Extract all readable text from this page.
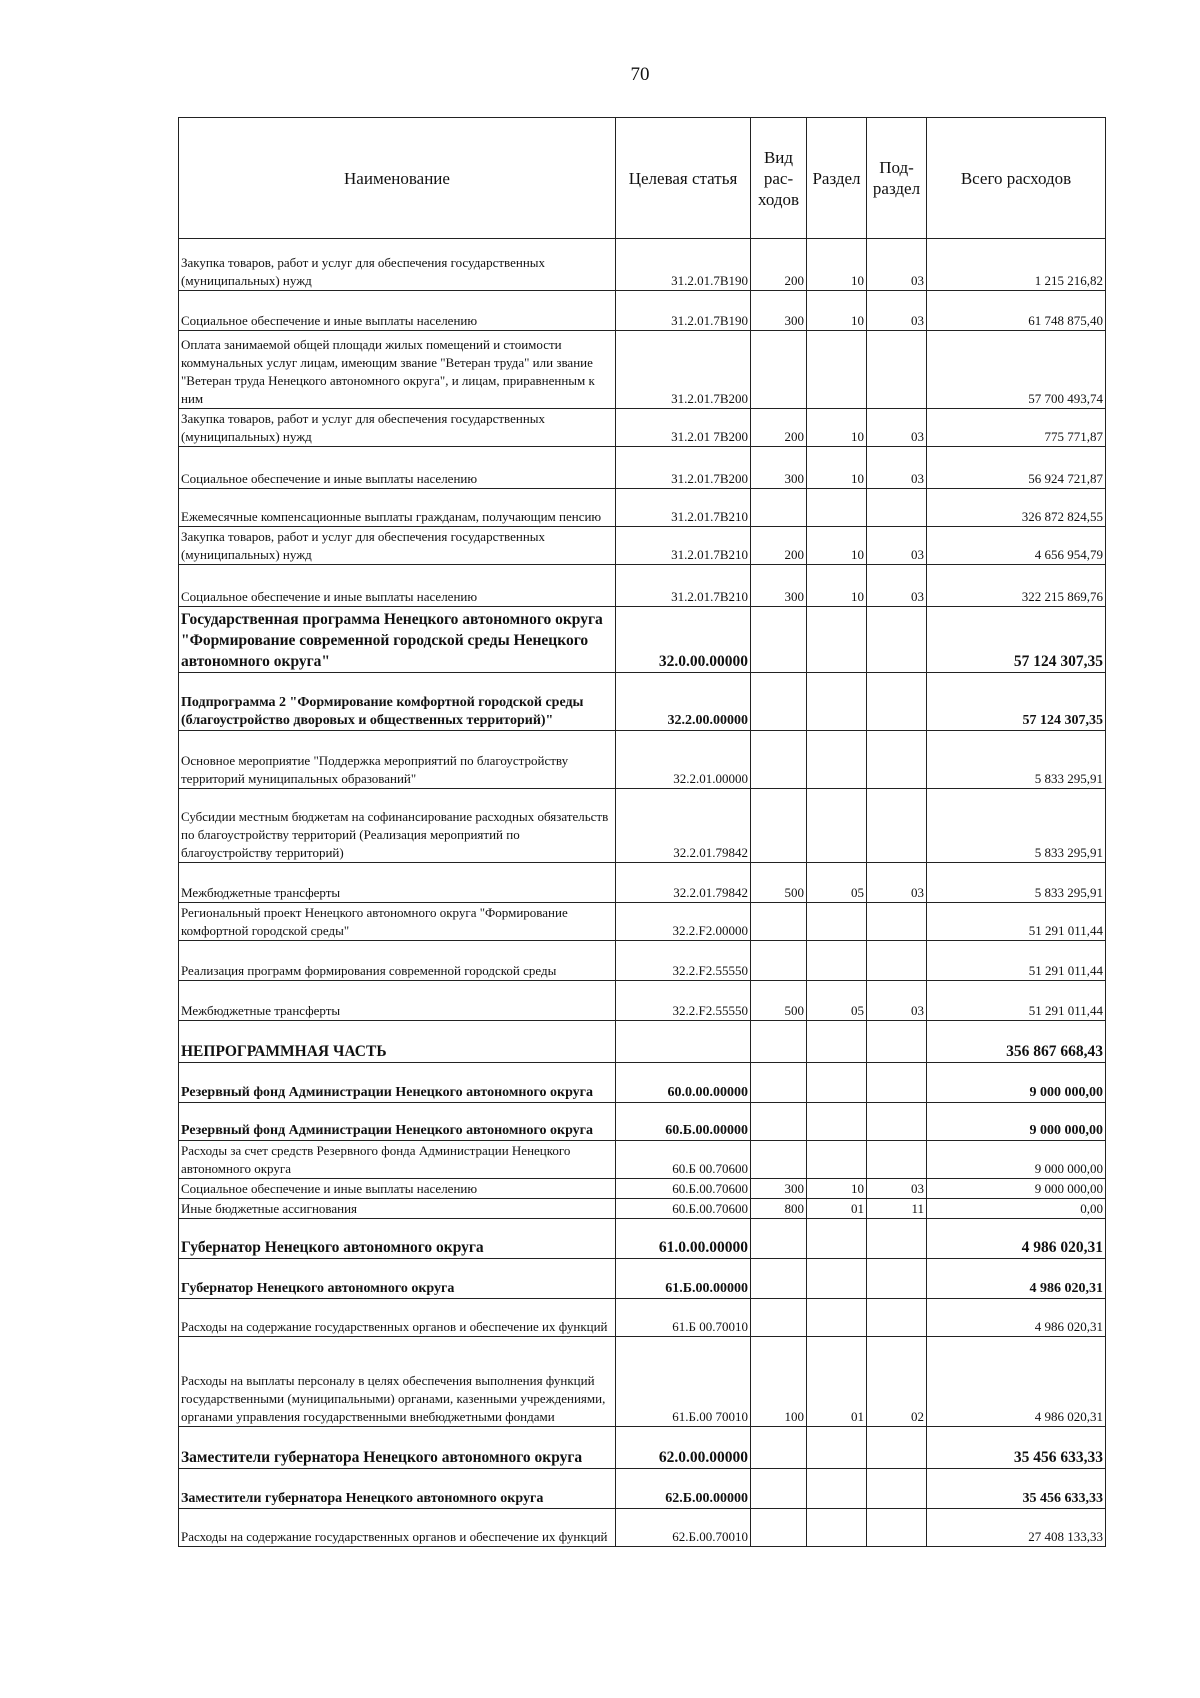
70
Наименование	Целевая статья	Вид рас-ходов	Раздел	Под-раздел	Всего расходов
Закупка товаров, работ и услуг для обеспечения государственных (муниципальных) нужд	31.2.01.7В190	200	10	03	1 215 216,82
Социальное обеспечение и иные выплаты населению	31.2.01.7В190	300	10	03	61 748 875,40
Оплата занимаемой общей площади жилых помещений и стоимости коммунальных услуг лицам, имеющим звание "Ветеран труда" или звание "Ветеран труда Ненецкого автономного округа", и лицам, приравненным к ним	31.2.01.7В200				57 700 493,74
Закупка товаров, работ и услуг для обеспечения государственных (муниципальных) нужд	31.2.01 7В200	200	10	03	775 771,87
Социальное обеспечение и иные выплаты населению	31.2.01.7В200	300	10	03	56 924 721,87
Ежемесячные компенсационные выплаты гражданам, получающим пенсию	31.2.01.7В210				326 872 824,55
Закупка товаров, работ и услуг для обеспечения государственных (муниципальных) нужд	31.2.01.7В210	200	10	03	4 656 954,79
Социальное обеспечение и иные выплаты населению	31.2.01.7В210	300	10	03	322 215 869,76
Государственная программа Ненецкого автономного округа "Формирование современной городской среды Ненецкого автономного округа"	32.0.00.00000				57 124 307,35
Подпрограмма 2 "Формирование комфортной городской среды (благоустройство дворовых и общественных территорий)"	32.2.00.00000				57 124 307,35
Основное мероприятие "Поддержка мероприятий по благоустройству территорий муниципальных образований"	32.2.01.00000				5 833 295,91
Субсидии местным бюджетам на софинансирование расходных обязательств по благоустройству территорий (Реализация мероприятий по благоустройству территорий)	32.2.01.79842				5 833 295,91
Межбюджетные трансферты	32.2.01.79842	500	05	03	5 833 295,91
Региональный проект Ненецкого автономного округа "Формирование комфортной городской среды"	32.2.F2.00000				51 291 011,44
Реализация программ формирования современной городской среды	32.2.F2.55550				51 291 011,44
Межбюджетные трансферты	32.2.F2.55550	500	05	03	51 291 011,44
НЕПРОГРАММНАЯ ЧАСТЬ					356 867 668,43
Резервный фонд Администрации Ненецкого автономного округа	60.0.00.00000				9 000 000,00
Резервный фонд Администрации Ненецкого автономного округа	60.Б.00.00000				9 000 000,00
Расходы за счет средств Резервного фонда Администрации Ненецкого автономного округа	60.Б 00.70600				9 000 000,00
Социальное обеспечение и иные выплаты населению	60.Б.00.70600	300	10	03	9 000 000,00
Иные бюджетные ассигнования	60.Б.00.70600	800	01	11	0,00
Губернатор Ненецкого автономного округа	61.0.00.00000				4 986 020,31
Губернатор Ненецкого автономного округа	61.Б.00.00000				4 986 020,31
Расходы на содержание государственных органов и обеспечение их функций	61.Б 00.70010				4 986 020,31
Расходы на выплаты персоналу в целях обеспечения выполнения функций государственными (муниципальными) органами, казенными учреждениями, органами управления государственными внебюджетными фондами	61.Б.00 70010	100	01	02	4 986 020,31
Заместители губернатора Ненецкого автономного округа	62.0.00.00000				35 456 633,33
Заместители губернатора Ненецкого автономного округа	62.Б.00.00000				35 456 633,33
Расходы на содержание государственных органов и обеспечение их функций	62.Б.00.70010				27 408 133,33
